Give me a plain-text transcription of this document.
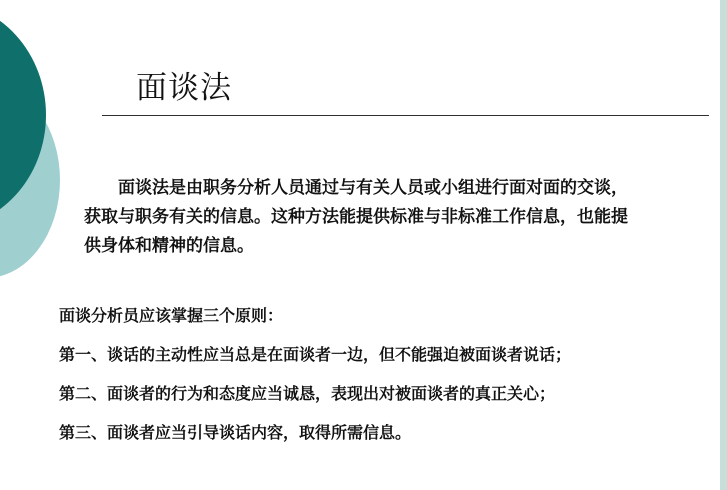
面谈法
面谈法是由职务分析人员通过与有关人员或小组进行面对面的交谈，获取与职务有关的信息。这种方法能提供标准与非标准工作信息，也能提供身体和精神的信息。
面谈分析员应该掌握三个原则：
第一、谈话的主动性应当总是在面谈者一边，但不能强迫被面谈者说话；
第二、面谈者的行为和态度应当诚恳，表现出对被面谈者的真正关心；
第三、面谈者应当引导谈话内容，取得所需信息。
